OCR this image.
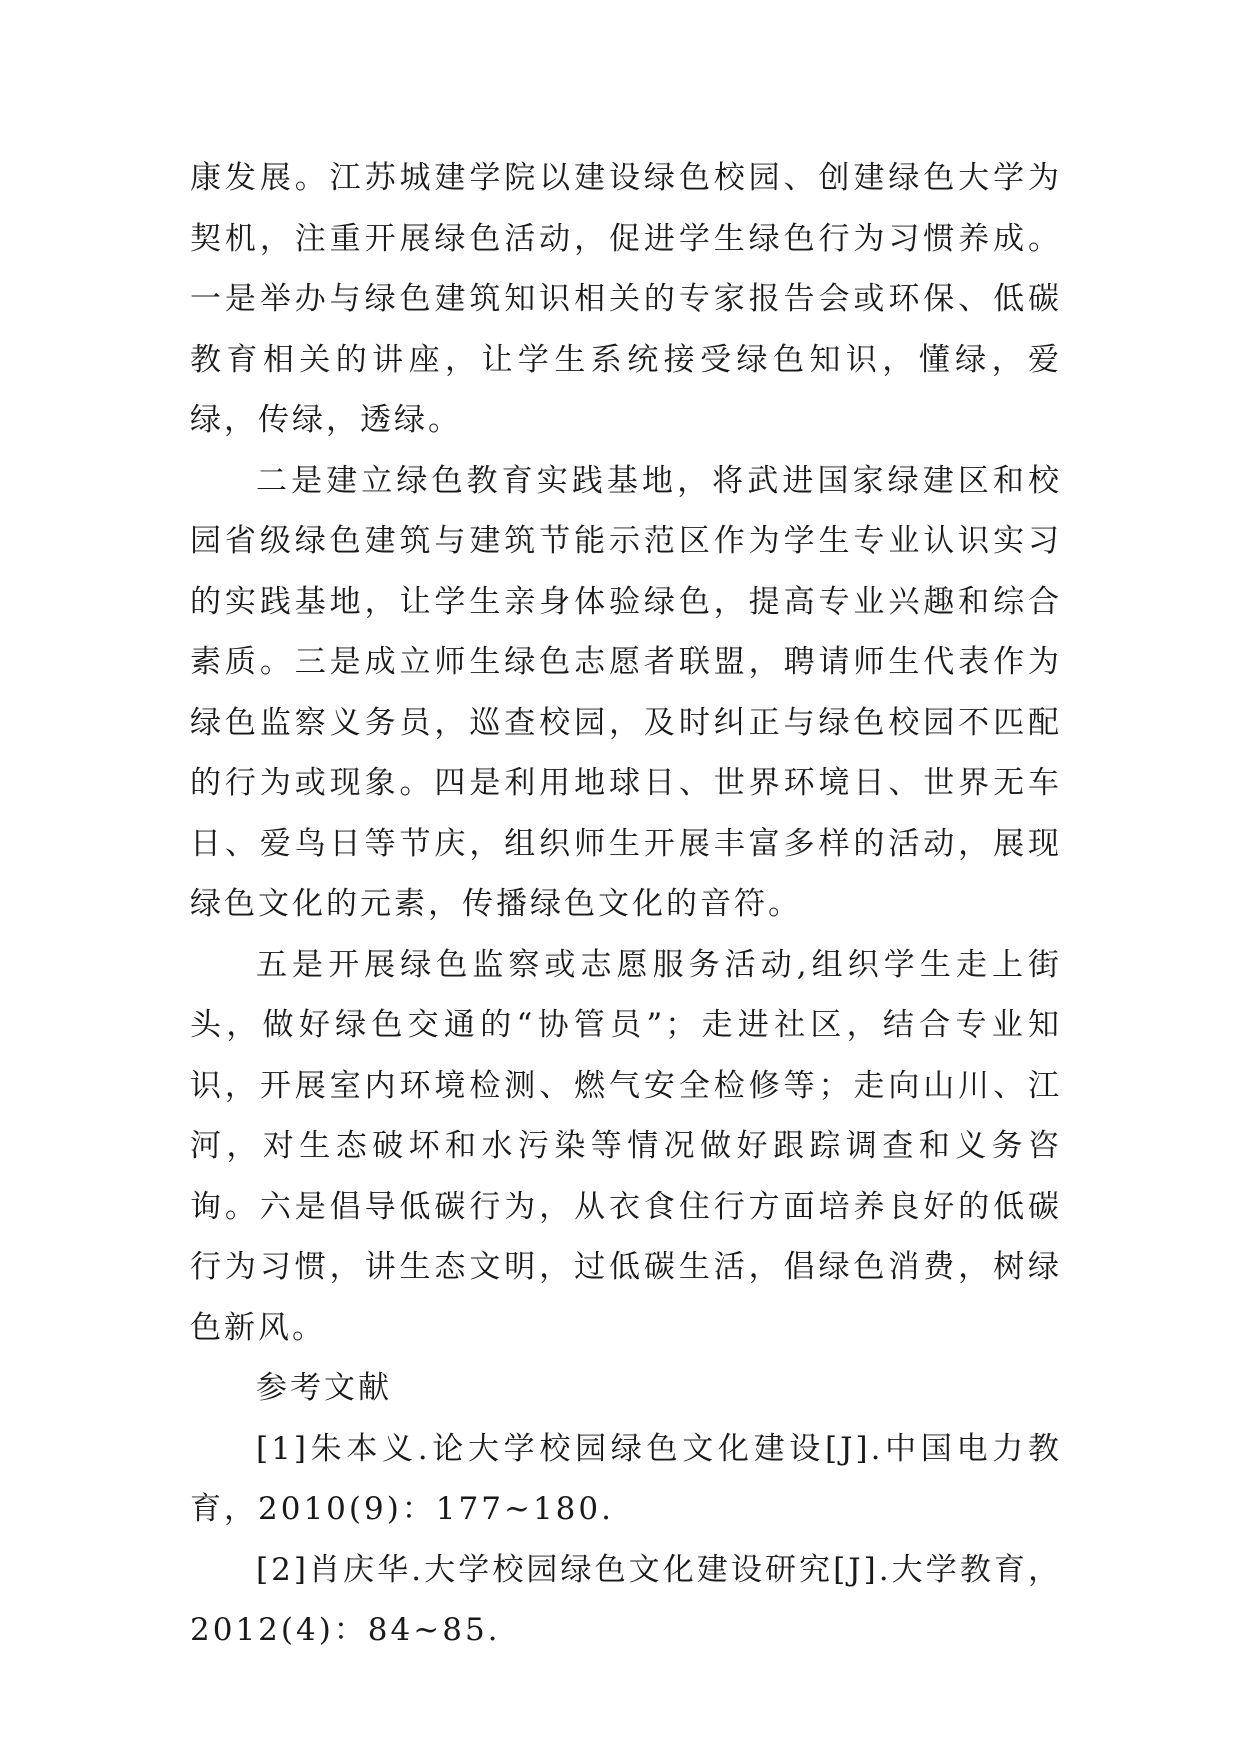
康发展。江苏城建学院以建设绿色校园、创建绿色大学为契机，注重开展绿色活动，促进学生绿色行为习惯养成。一是举办与绿色建筑知识相关的专家报告会或环保、低碳教育相关的讲座，让学生系统接受绿色知识，懂绿，爱绿，传绿，透绿。

二是建立绿色教育实践基地，将武进国家绿建区和校园省级绿色建筑与建筑节能示范区作为学生专业认识实习的实践基地，让学生亲身体验绿色，提高专业兴趣和综合素质。三是成立师生绿色志愿者联盟，聘请师生代表作为绿色监察义务员，巡查校园，及时纠正与绿色校园不匹配的行为或现象。四是利用地球日、世界环境日、世界无车日、爱鸟日等节庆，组织师生开展丰富多样的活动，展现绿色文化的元素，传播绿色文化的音符。

五是开展绿色监察或志愿服务活动,组织学生走上街头，做好绿色交通的“协管员”；走进社区，结合专业知识，开展室内环境检测、燃气安全检修等；走向山川、江河，对生态破坏和水污染等情况做好跟踪调查和义务咨询。六是倡导低碳行为，从衣食住行方面培养良好的低碳行为习惯，讲生态文明，过低碳生活，倡绿色消费，树绿色新风。

参考文献

[1]朱本义.论大学校园绿色文化建设[J].中国电力教育，2010(9)：177~180.

[2]肖庆华.大学校园绿色文化建设研究[J].大学教育，2012(4)：84~85.
